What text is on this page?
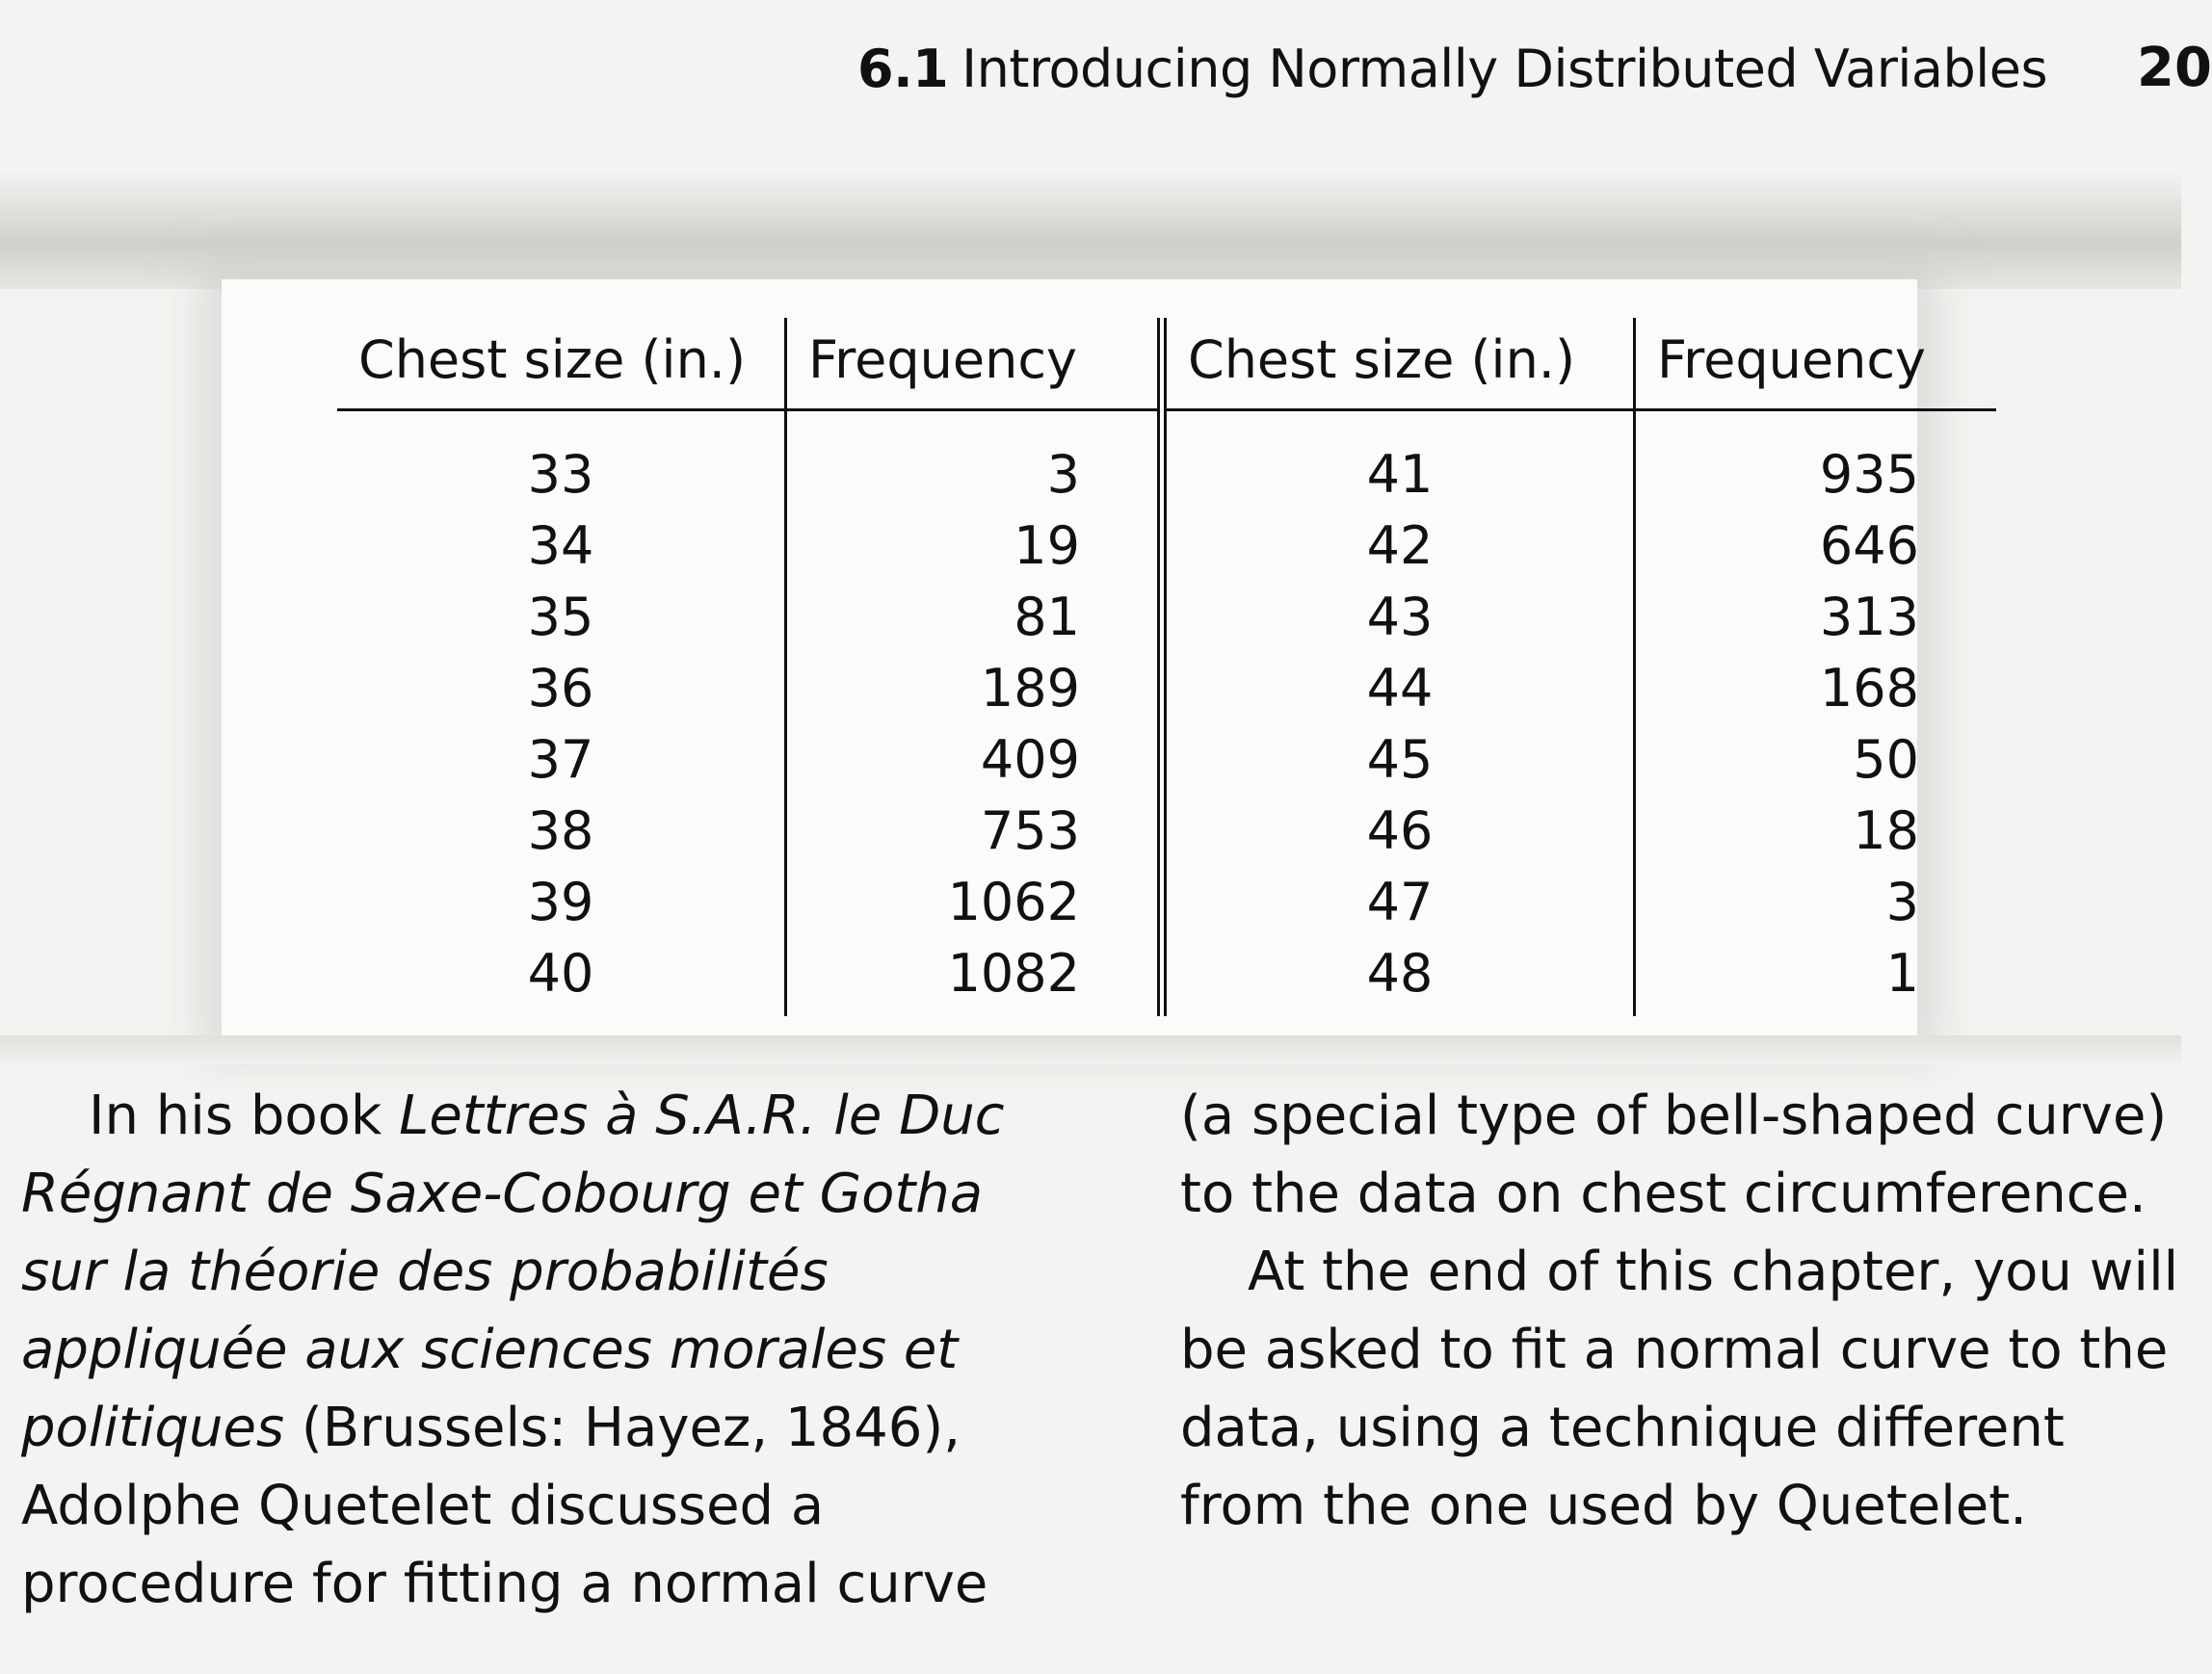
6.1 Introducing Normally Distributed Variables 20
Chest size (in.)	Frequency	Chest size (in.)	Frequency
33	3	41	935
34	19	42	646
35	81	43	313
36	189	44	168
37	409	45	50
38	753	46	18
39	1062	47	3
40	1082	48	1

In his book Lettres à S.A.R. le Duc Régnant de Saxe-Cobourg et Gotha sur la théorie des probabilités appliquée aux sciences morales et politiques (Brussels: Hayez, 1846), Adolphe Quetelet discussed a procedure for fitting a normal curve

(a special type of bell-shaped curve) to the data on chest circumference.

At the end of this chapter, you will be asked to fit a normal curve to the data, using a technique different from the one used by Quetelet.
